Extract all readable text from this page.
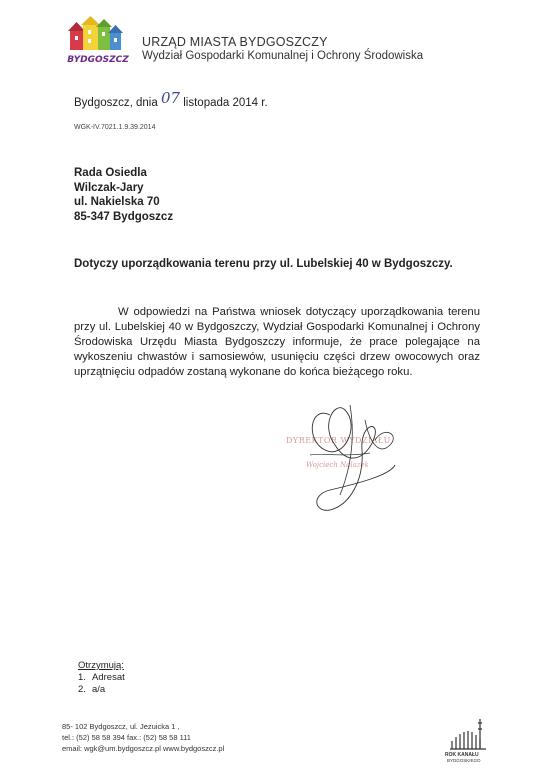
BYDGOSZCZ
URZĄD MIASTA BYDGOSZCZY
Wydział Gospodarki Komunalnej i Ochrony Środowiska
Bydgoszcz, dnia 07 listopada 2014 r.
WGK-IV.7021.1.9.39.2014
Rada Osiedla
Wilczak-Jary
ul. Nakielska 70
85-347 Bydgoszcz
Dotyczy uporządkowania terenu przy ul. Lubelskiej 40 w Bydgoszczy.

W odpowiedzi na Państwa wniosek dotyczący uporządkowania terenu przy ul. Lubelskiej 40 w Bydgoszczy, Wydział Gospodarki Komunalnej i Ochrony Środowiska Urzędu Miasta Bydgoszczy informuje, że prace polegające na wykoszeniu chwastów i samosiewów, usunięciu części drzew owocowych oraz uprzątnięciu odpadów zostaną wykonane do końca bieżącego roku.

DYREKTOR WYDZIAŁU
Wojciech Nalazek
Otrzymują:
1. Adresat
2. a/a
85- 102 Bydgoszcz, ul. Jezuicka 1 ,
tel.: (52) 58 58 394 fax.: (52) 58 58 111
email: wgk@um.bydgoszcz.pl www.bydgoszcz.pl
ROK KANAŁU
BYDGOSKIEGO
